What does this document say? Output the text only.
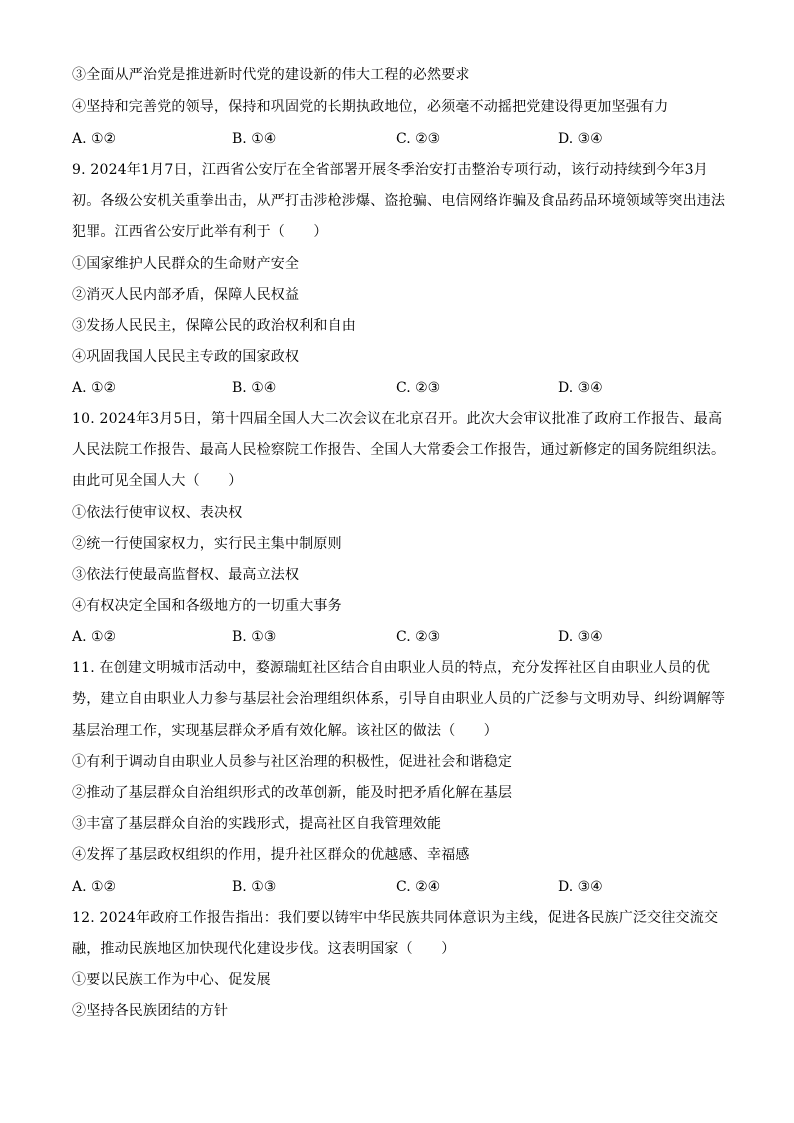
③全面从严治党是推进新时代党的建设新的伟大工程的必然要求
④坚持和完善党的领导，保持和巩固党的长期执政地位，必须毫不动摇把党建设得更加坚强有力
A. ①②	B. ①④	C. ②③	D. ③④
9. 2024年1月7日，江西省公安厅在全省部署开展冬季治安打击整治专项行动，该行动持续到今年3月
初。各级公安机关重拳出击，从严打击涉枪涉爆、盗抢骗、电信网络诈骗及食品药品环境领域等突出违法
犯罪。江西省公安厅此举有利于（　　）
①国家维护人民群众的生命财产安全
②消灭人民内部矛盾，保障人民权益
③发扬人民民主，保障公民的政治权利和自由
④巩固我国人民民主专政的国家政权
A. ①②	B. ①④	C. ②③	D. ③④
10. 2024年3月5日，第十四届全国人大二次会议在北京召开。此次大会审议批准了政府工作报告、最高
人民法院工作报告、最高人民检察院工作报告、全国人大常委会工作报告，通过新修定的国务院组织法。
由此可见全国人大（　　）
①依法行使审议权、表决权
②统一行使国家权力，实行民主集中制原则
③依法行使最高监督权、最高立法权
④有权决定全国和各级地方的一切重大事务
A. ①②	B. ①③	C. ②③	D. ③④
11. 在创建文明城市活动中，婺源瑞虹社区结合自由职业人员的特点，充分发挥社区自由职业人员的优
势，建立自由职业人力参与基层社会治理组织体系，引导自由职业人员的广泛参与文明劝导、纠纷调解等
基层治理工作，实现基层群众矛盾有效化解。该社区的做法（　　）
①有利于调动自由职业人员参与社区治理的积极性，促进社会和谐稳定
②推动了基层群众自治组织形式的改革创新，能及时把矛盾化解在基层
③丰富了基层群众自治的实践形式，提高社区自我管理效能
④发挥了基层政权组织的作用，提升社区群众的优越感、幸福感
A. ①②	B. ①③	C. ②④	D. ③④
12. 2024年政府工作报告指出：我们要以铸牢中华民族共同体意识为主线，促进各民族广泛交往交流交
融，推动民族地区加快现代化建设步伐。这表明国家（　　）
①要以民族工作为中心、促发展
②坚持各民族团结的方针
